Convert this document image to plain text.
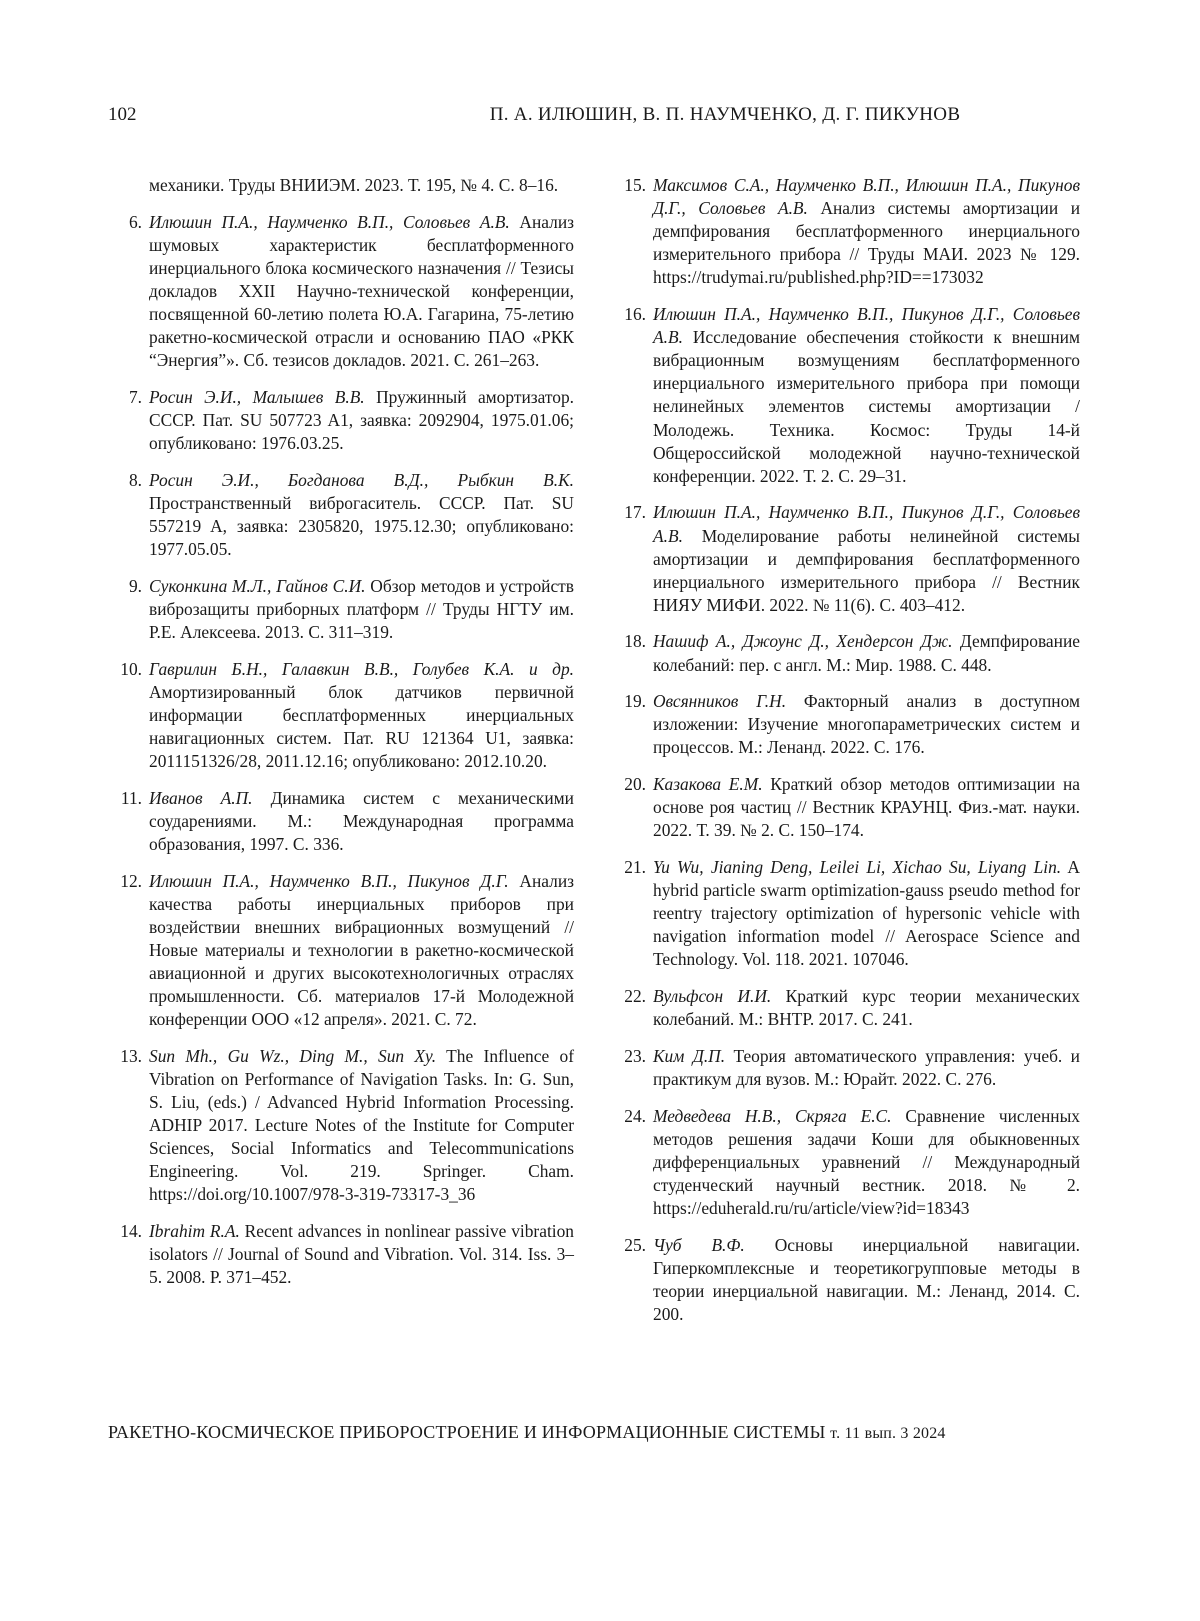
102	П. А. ИЛЮШИН, В. П. НАУМЧЕНКО, Д. Г. ПИКУНОВ
механики. Труды ВНИИЭМ. 2023. Т. 195, № 4. С. 8–16.
6. Илюшин П.А., Наумченко В.П., Соловьев А.В. Анализ шумовых характеристик бесплатформенного инерциального блока космического назначения // Тезисы докладов XXII Научно-технической конференции, посвященной 60-летию полета Ю.А. Гагарина, 75-летию ракетно-космической отрасли и основанию ПАО «РКК “Энергия”». Сб. тезисов докладов. 2021. С. 261–263.
7. Росин Э.И., Малышев В.В. Пружинный амортизатор. СССР. Пат. SU 507723 A1, заявка: 2092904, 1975.01.06; опубликовано: 1976.03.25.
8. Росин Э.И., Богданова В.Д., Рыбкин В.К. Пространственный виброгаситель. СССР. Пат. SU 557219 A, заявка: 2305820, 1975.12.30; опубликовано: 1977.05.05.
9. Суконкина М.Л., Гайнов С.И. Обзор методов и устройств виброзащиты приборных платформ // Труды НГТУ им. Р.Е. Алексеева. 2013. С. 311–319.
10. Гаврилин Б.Н., Галавкин В.В., Голубев К.А. и др. Амортизированный блок датчиков первичной информации бесплатформенных инерциальных навигационных систем. Пат. RU 121364 U1, заявка: 2011151326/28, 2011.12.16; опубликовано: 2012.10.20.
11. Иванов А.П. Динамика систем с механическими соударениями. М.: Международная программа образования, 1997. С. 336.
12. Илюшин П.А., Наумченко В.П., Пикунов Д.Г. Анализ качества работы инерциальных приборов при воздействии внешних вибрационных возмущений // Новые материалы и технологии в ракетно-космической авиационной и других высокотехнологичных отраслях промышленности. Сб. материалов 17-й Молодежной конференции ООО «12 апреля». 2021. С. 72.
13. Sun Mh., Gu Wz., Ding M., Sun Xy. The Influence of Vibration on Performance of Navigation Tasks. In: G. Sun, S. Liu, (eds.) / Advanced Hybrid Information Processing. ADHIP 2017. Lecture Notes of the Institute for Computer Sciences, Social Informatics and Telecommunications Engineering. Vol. 219. Springer. Cham. https://doi.org/10.1007/978-3-319-73317-3_36
14. Ibrahim R.A. Recent advances in nonlinear passive vibration isolators // Journal of Sound and Vibration. Vol. 314. Iss. 3–5. 2008. P. 371–452.
15. Максимов С.А., Наумченко В.П., Илюшин П.А., Пикунов Д.Г., Соловьев А.В. Анализ системы амортизации и демпфирования бесплатформенного инерциального измерительного прибора // Труды МАИ. 2023 № 129. https://trudymai.ru/published.php?ID==173032
16. Илюшин П.А., Наумченко В.П., Пикунов Д.Г., Соловьев А.В. Исследование обеспечения стойкости к внешним вибрационным возмущениям бесплатформенного инерциального измерительного прибора при помощи нелинейных элементов системы амортизации / Молодежь. Техника. Космос: Труды 14-й Общероссийской молодежной научно-технической конференции. 2022. Т. 2. С. 29–31.
17. Илюшин П.А., Наумченко В.П., Пикунов Д.Г., Соловьев А.В. Моделирование работы нелинейной системы амортизации и демпфирования бесплатформенного инерциального измерительного прибора // Вестник НИЯУ МИФИ. 2022. № 11(6). С. 403–412.
18. Нашиф А., Джоунс Д., Хендерсон Дж. Демпфирование колебаний: пер. с англ. М.: Мир. 1988. С. 448.
19. Овсянников Г.Н. Факторный анализ в доступном изложении: Изучение многопараметрических систем и процессов. М.: Ленанд. 2022. С. 176.
20. Казакова Е.М. Краткий обзор методов оптимизации на основе роя частиц // Вестник КРАУНЦ. Физ.-мат. науки. 2022. Т. 39. № 2. С. 150–174.
21. Yu Wu, Jianing Deng, Leilei Li, Xichao Su, Liyang Lin. A hybrid particle swarm optimization-gauss pseudo method for reentry trajectory optimization of hypersonic vehicle with navigation information model // Aerospace Science and Technology. Vol. 118. 2021. 107046.
22. Вульфсон И.И. Краткий курс теории механических колебаний. М.: ВНТР. 2017. С. 241.
23. Ким Д.П. Теория автоматического управления: учеб. и практикум для вузов. М.: Юрайт. 2022. С. 276.
24. Медведева Н.В., Скряга Е.С. Сравнение численных методов решения задачи Коши для обыкновенных дифференциальных уравнений // Международный студенческий научный вестник. 2018. № 2. https://eduherald.ru/ru/article/view?id=18343
25. Чуб В.Ф. Основы инерциальной навигации. Гиперкомплексные и теоретикогрупповые методы в теории инерциальной навигации. М.: Ленанд, 2014. С. 200.
РАКЕТНО-КОСМИЧЕСКОЕ ПРИБОРОСТРОЕНИЕ И ИНФОРМАЦИОННЫЕ СИСТЕМЫ т. 11 вып. 3 2024
